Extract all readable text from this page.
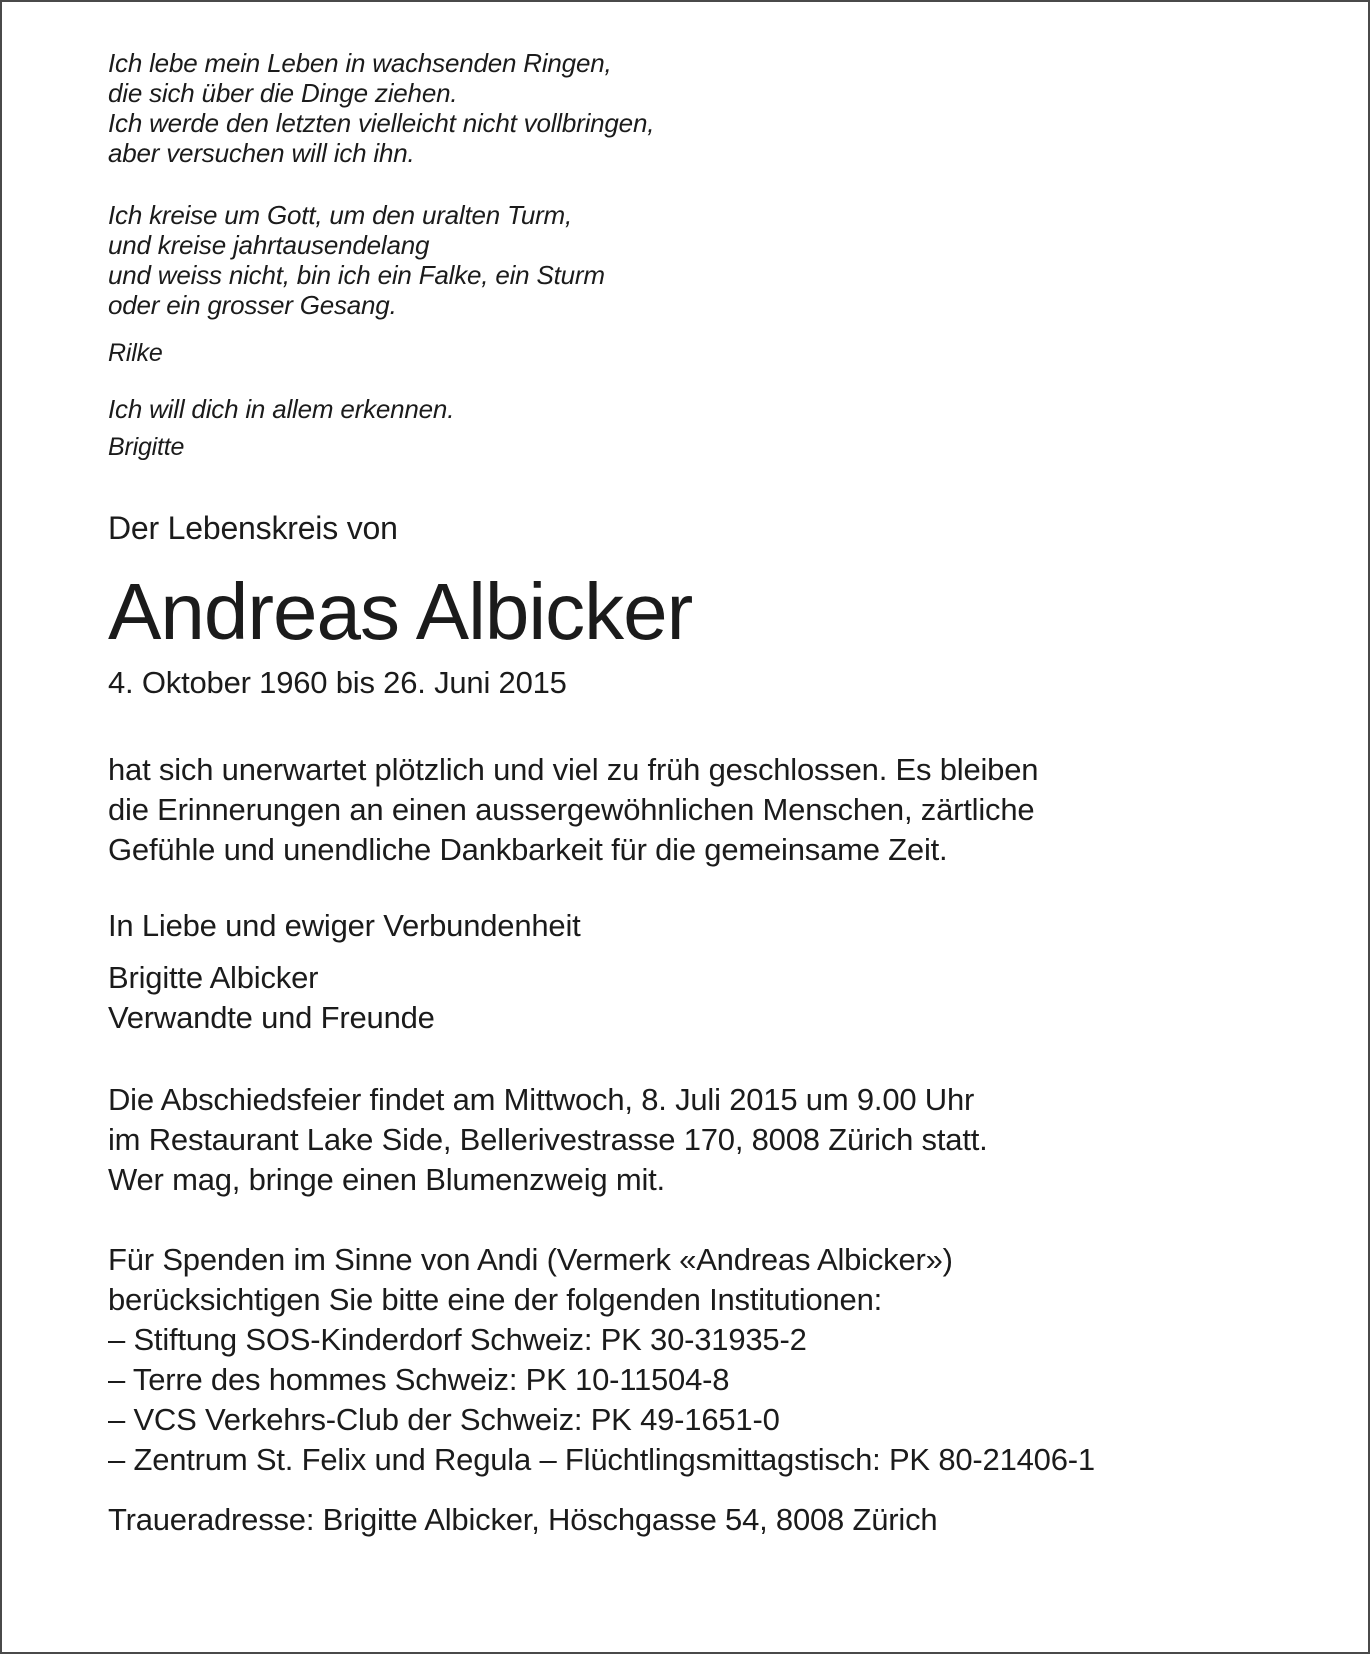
Ich lebe mein Leben in wachsenden Ringen,
die sich über die Dinge ziehen.
Ich werde den letzten vielleicht nicht vollbringen,
aber versuchen will ich ihn.
Ich kreise um Gott, um den uralten Turm,
und kreise jahrtausendelang
und weiss nicht, bin ich ein Falke, ein Sturm
oder ein grosser Gesang.
Rilke
Ich will dich in allem erkennen.
Brigitte
Der Lebenskreis von
Andreas Albicker
4. Oktober 1960 bis 26. Juni 2015
hat sich unerwartet plötzlich und viel zu früh geschlossen. Es bleiben
die Erinnerungen an einen aussergewöhnlichen Menschen, zärtliche
Gefühle und unendliche Dankbarkeit für die gemeinsame Zeit.
In Liebe und ewiger Verbundenheit
Brigitte Albicker
Verwandte und Freunde
Die Abschiedsfeier findet am Mittwoch, 8. Juli 2015 um 9.00 Uhr
im Restaurant Lake Side, Bellerivestrasse 170, 8008 Zürich statt.
Wer mag, bringe einen Blumenzweig mit.
Für Spenden im Sinne von Andi (Vermerk «Andreas Albicker»)
berücksichtigen Sie bitte eine der folgenden Institutionen:
– Stiftung SOS-Kinderdorf Schweiz: PK 30-31935-2
– Terre des hommes Schweiz: PK 10-11504-8
– VCS Verkehrs-Club der Schweiz: PK 49-1651-0
– Zentrum St. Felix und Regula – Flüchtlingsmittagstisch: PK 80-21406-1
Traueradresse: Brigitte Albicker, Höschgasse 54, 8008 Zürich
